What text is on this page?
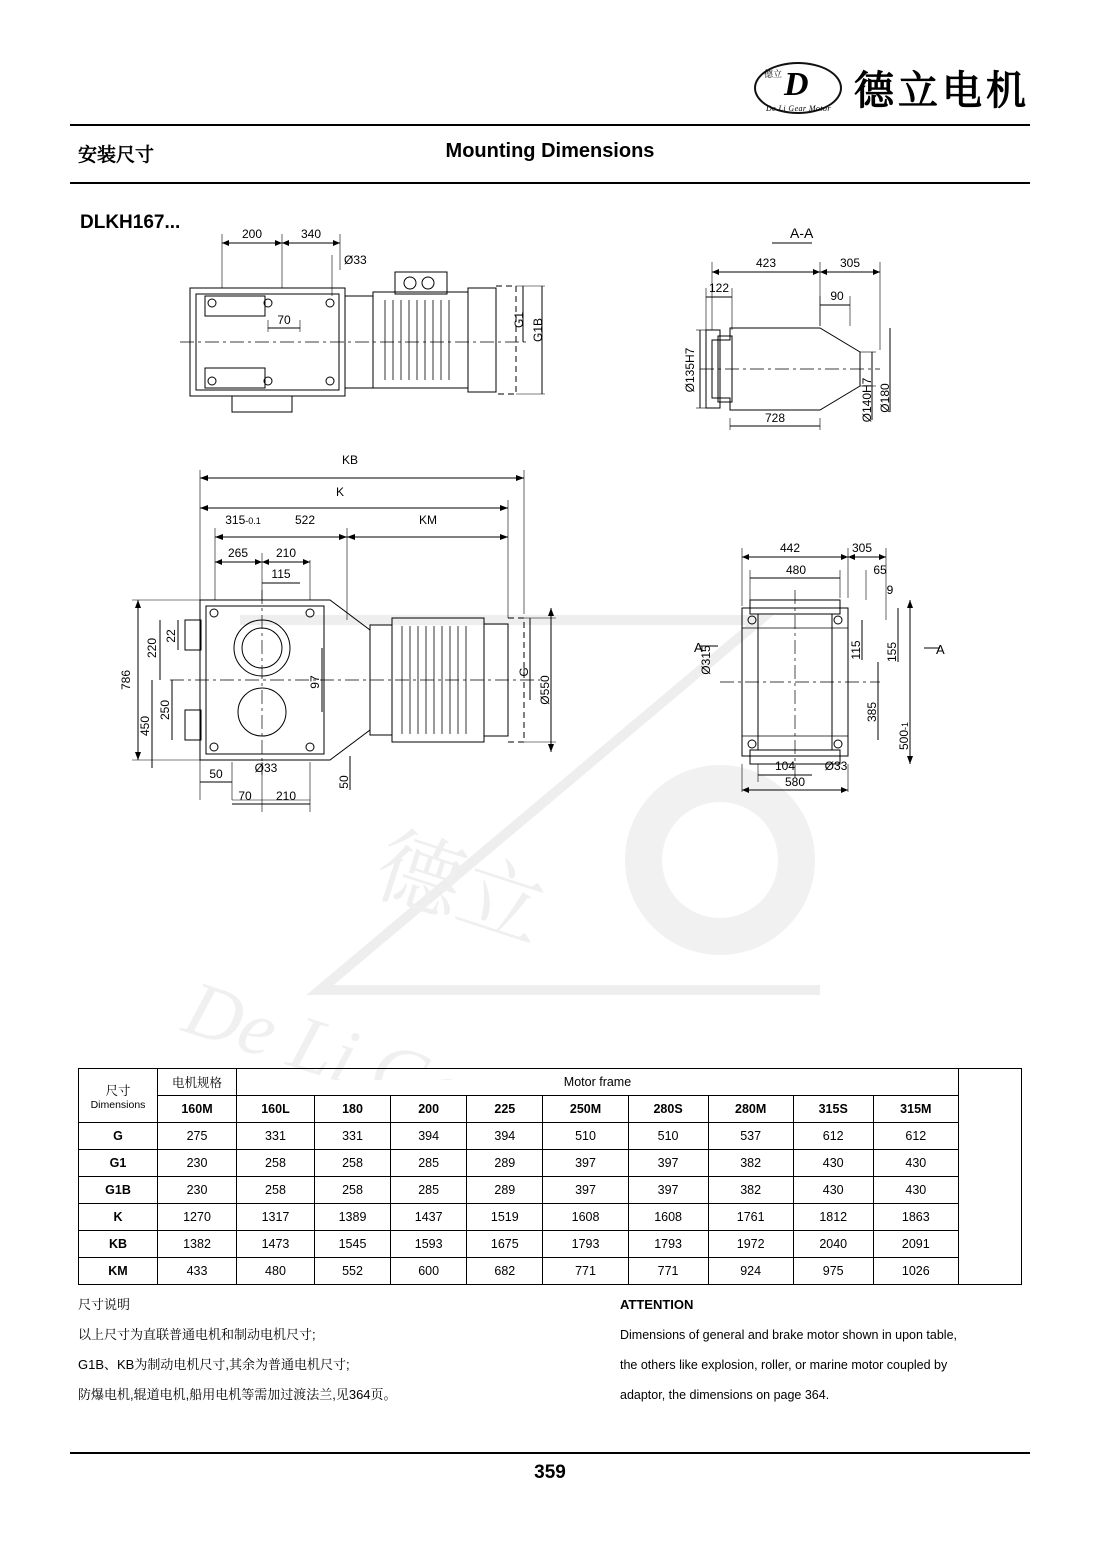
德立 D
De Li Gear Motor 德立电机
安装尺寸	Mounting Dimensions
DLKH167...
德立
200	340
Ø33
70	G1 G1B
A-A
423	305
122
90
Ø135H7
728	Ø140H7 Ø180
KB
K
KM
315-0.1	522
265 210
115
786
220
22
250
450
97
G
Ø550
50	Ø33
70 210
50
442	305
480	65
9
115 155
385
500-1
Ø315
A	A
104 Ø33
580
尺寸
Dimensions	电机规格	Motor frame									
	160M	160L	180	200	225	250M	280S	280M	315S	315M	
G	275	331	331	394	394	510	510	537	612	612	
G1	230	258	258	285	289	397	397	382	430	430	
G1B	230	258	258	285	289	397	397	382	430	430	
K	1270	1317	1389	1437	1519	1608	1608	1761	1812	1863	
KB	1382	1473	1545	1593	1675	1793	1793	1972	2040	2091	
KM	433	480	552	600	682	771	771	924	975	1026	
尺寸说明
以上尺寸为直联普通电机和制动电机尺寸;
G1B、KB为制动电机尺寸,其余为普通电机尺寸;
防爆电机,辊道电机,船用电机等需加过渡法兰,见364页。
ATTENTION
Dimensions of general and brake motor shown in upon table,
the others like explosion, roller, or marine motor coupled by
adaptor, the dimensions on page 364.
359
